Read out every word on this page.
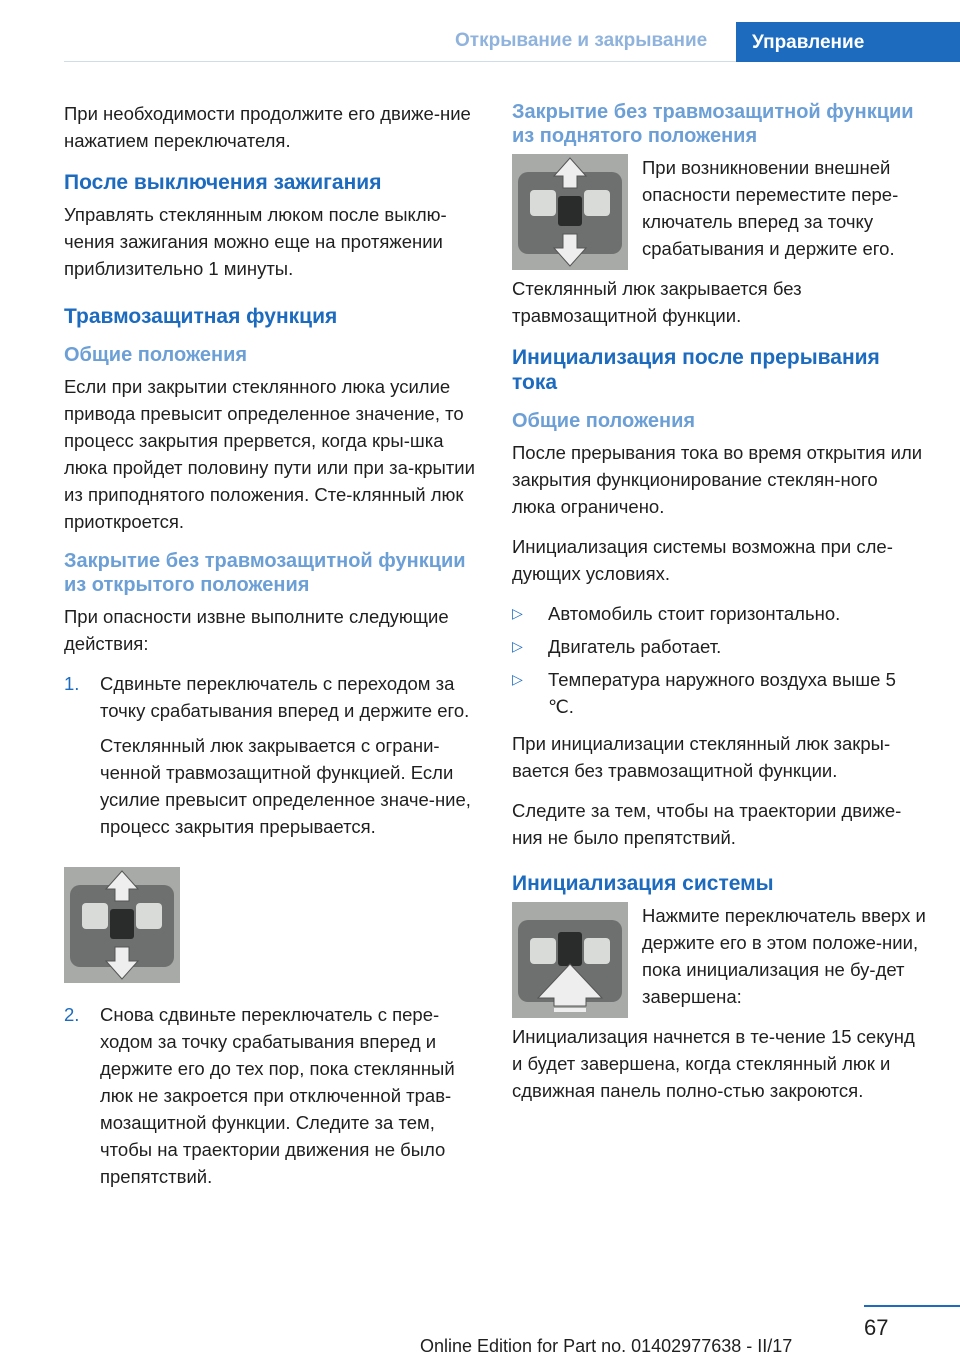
Открывание и закрывание	Управление

При необходимости продолжите его движе-ние нажатием переключателя.

После выключения зажигания

Управлять стеклянным люком после выклю-чения зажигания можно еще на протяжении приблизительно 1 минуты.

Травмозащитная функция
Общие положения

Если при закрытии стеклянного люка усилие привода превысит определенное значение, то процесс закрытия прервется, когда кры-шка люка пройдет половину пути или при за-крытии из приподнятого положения. Сте-клянный люк приоткроется.

Закрытие без травмозащитной функции из открытого положения

При опасности извне выполните следующие действия:

1.	Сдвиньте переключатель с переходом за точку срабатывания вперед и держите его.

Стеклянный люк закрывается с ограни-ченной травмозащитной функцией. Если усилие превысит определенное значе-ние, процесс закрытия прерывается.

2.	Снова сдвиньте переключатель с пере-ходом за точку срабатывания вперед и держите его до тех пор, пока стеклянный люк не закроется при отключенной трав-мозащитной функции. Следите за тем, чтобы на траектории движения не было препятствий.

Закрытие без травмозащитной функции из поднятого положения

При возникновении внешней опасности переместите пере-ключатель вперед за точку срабатывания и держите его.

Стеклянный люк закрывается без травмозащитной функции.

Инициализация после прерывания тока
Общие положения

После прерывания тока во время открытия или закрытия функционирование стеклян-ного люка ограничено.

Инициализация системы возможна при сле-дующих условиях.

▷	Автомобиль стоит горизонтально.
▷	Двигатель работает.
▷	Температура наружного воздуха выше 5 ℃.

При инициализации стеклянный люк закры-вается без травмозащитной функции.

Следите за тем, чтобы на траектории движе-ния не было препятствий.

Инициализация системы

Нажмите переключатель вверх и держите его в этом положе-нии, пока инициализация не бу-дет завершена:

Инициализация начнется в те-чение 15 секунд и будет завершена, когда стеклянный люк и сдвижная панель полно-стью закроются.

67
Online Edition for Part no. 01402977638 - II/17
